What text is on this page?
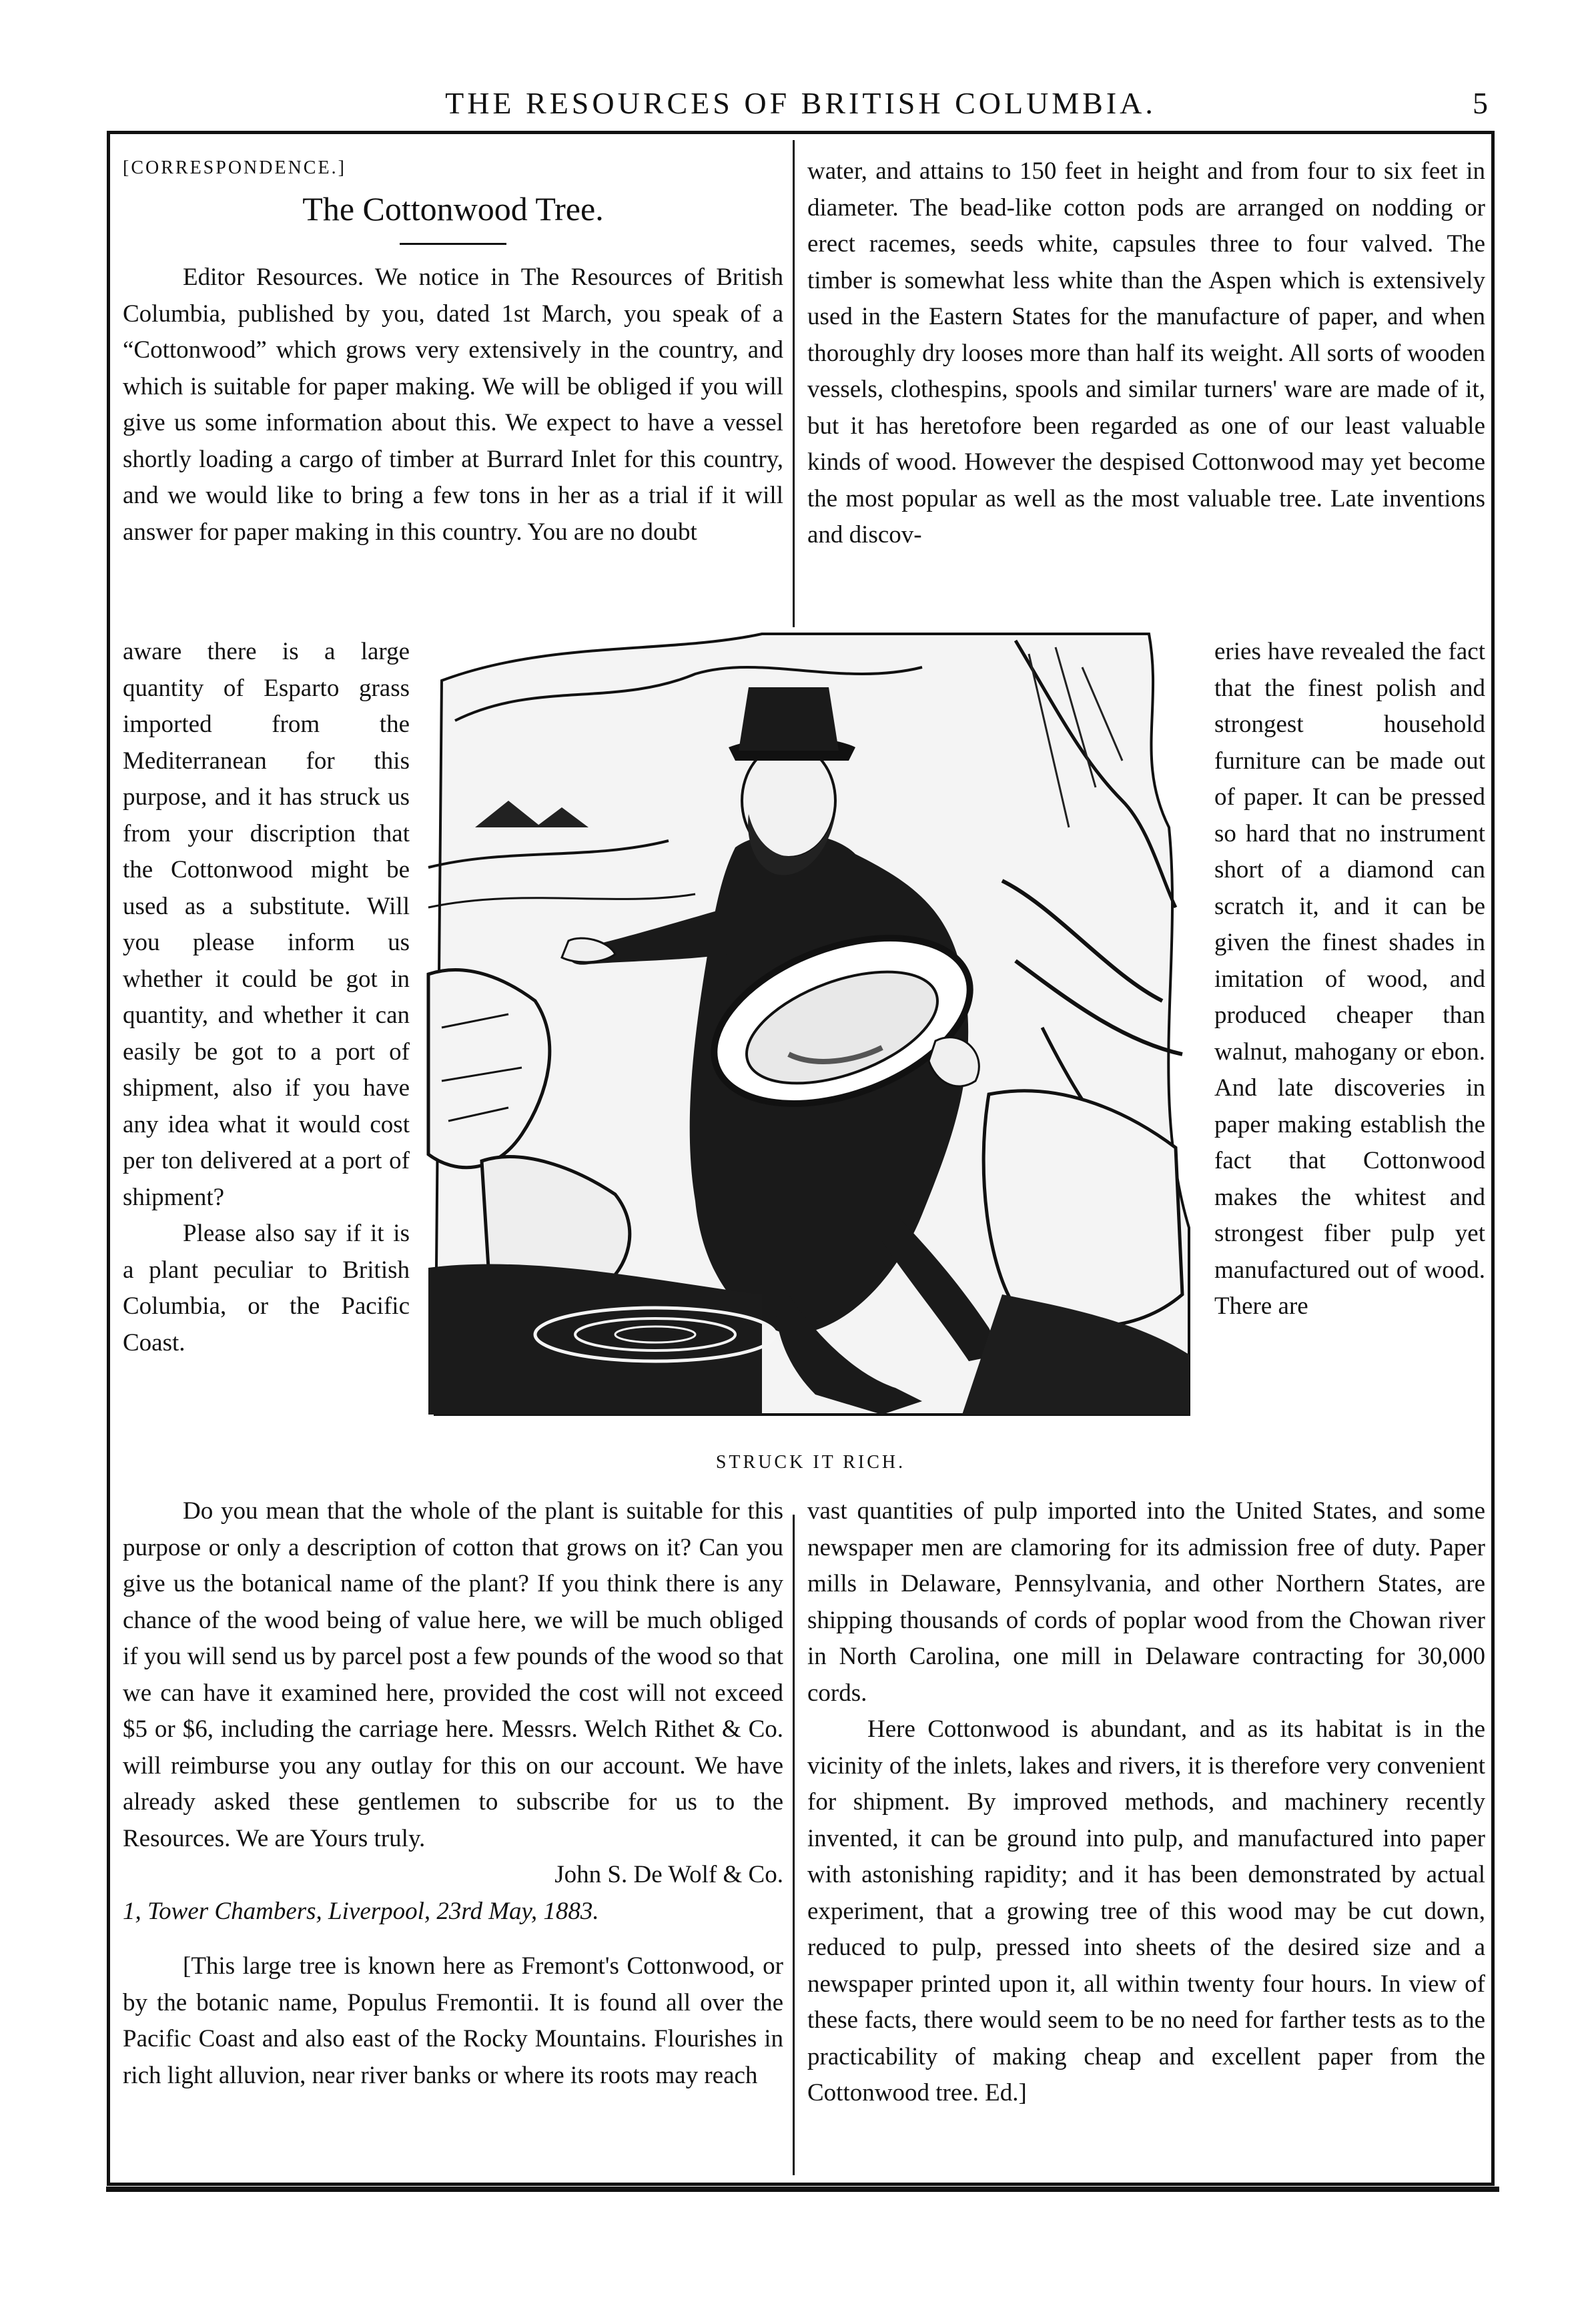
THE RESOURCES OF BRITISH COLUMBIA.	5
[CORRESPONDENCE.]
The Cottonwood Tree.

Editor Resources. We notice in The Resources of British Columbia, published by you, dated 1st March, you speak of a “Cottonwood” which grows very extensively in the country, and which is suitable for paper making. We will be obliged if you will give us some information about this. We expect to have a vessel shortly loading a cargo of timber at Burrard Inlet for this country, and we would like to bring a few tons in her as a trial if it will answer for paper making in this country. You are no doubt

aware there is a large quantity of Esparto grass imported from the Mediterranean for this purpose, and it has struck us from your discription that the Cottonwood might be used as a substitute. Will you please inform us whether it could be got in quantity, and whether it can easily be got to a port of shipment, also if you have any idea what it would cost per ton delivered at a port of shipment?

Please also say if it is a plant peculiar to British Columbia, or the Pacific Coast.

STRUCK IT RICH.

water, and attains to 150 feet in height and from four to six feet in diameter. The bead-like cotton pods are arranged on nodding or erect racemes, seeds white, capsules three to four valved. The timber is somewhat less white than the Aspen which is extensively used in the Eastern States for the manufacture of paper, and when thoroughly dry looses more than half its weight. All sorts of wooden vessels, clothespins, spools and similar turners' ware are made of it, but it has heretofore been regarded as one of our least valuable kinds of wood. However the despised Cottonwood may yet become the most popular as well as the most valuable tree. Late inventions and discov-

eries have revealed the fact that the finest polish and strongest household furniture can be made out of paper. It can be pressed so hard that no instrument short of a diamond can scratch it, and it can be given the finest shades in imitation of wood, and produced cheaper than walnut, mahogany or ebon. And late discoveries in paper making establish the fact that Cottonwood makes the whitest and strongest fiber pulp yet manufactured out of wood. There are

Do you mean that the whole of the plant is suitable for this purpose or only a description of cotton that grows on it? Can you give us the botanical name of the plant? If you think there is any chance of the wood being of value here, we will be much obliged if you will send us by parcel post a few pounds of the wood so that we can have it examined here, provided the cost will not exceed $5 or $6, including the carriage here. Messrs. Welch Rithet & Co. will reimburse you any outlay for this on our account. We have already asked these gentlemen to subscribe for us to the Resources. We are Yours truly.

John S. De Wolf & Co.

1, Tower Chambers, Liverpool, 23rd May, 1883.

[This large tree is known here as Fremont's Cottonwood, or by the botanic name, Populus Fremontii. It is found all over the Pacific Coast and also east of the Rocky Mountains. Flourishes in rich light alluvion, near river banks or where its roots may reach

vast quantities of pulp imported into the United States, and some newspaper men are clamoring for its admission free of duty. Paper mills in Delaware, Pennsylvania, and other Northern States, are shipping thousands of cords of poplar wood from the Chowan river in North Carolina, one mill in Delaware contracting for 30,000 cords.

Here Cottonwood is abundant, and as its habitat is in the vicinity of the inlets, lakes and rivers, it is therefore very convenient for shipment. By improved methods, and machinery recently invented, it can be ground into pulp, and manufactured into paper with astonishing rapidity; and it has been demonstrated by actual experiment, that a growing tree of this wood may be cut down, reduced to pulp, pressed into sheets of the desired size and a newspaper printed upon it, all within twenty four hours. In view of these facts, there would seem to be no need for farther tests as to the practicability of making cheap and excellent paper from the Cottonwood tree. Ed.]
